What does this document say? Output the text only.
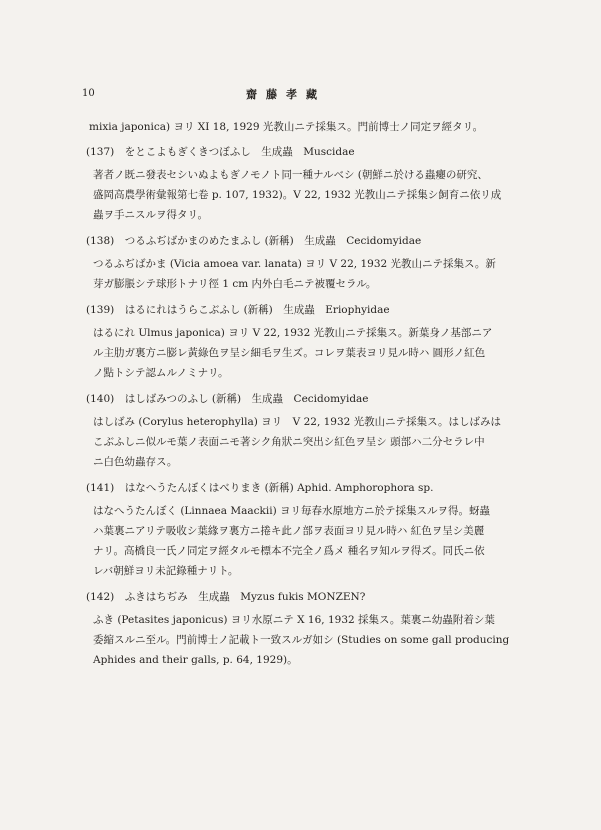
10	齋藤孝藏
mixia japonica) ヨリ XI 18, 1929 光教山ニテ採集ス。門前博士ノ同定ヲ經タリ。
(137)　をとこよもぎくきつぼふし　生成蟲　Muscidae
著者ノ既ニ發表セシいぬよもぎノモノト同一種ナルベシ (朝鮮ニ於ける蟲癭の研究、
盛岡高農學術彙報第七卷 p. 107, 1932)。V 22, 1932 光教山ニテ採集シ飼育ニ依リ成
蟲ヲ手ニスルヲ得タリ。
(138)　つるふぢばかまのめたまふし (新稱)　生成蟲　Cecidomyidae
つるふぢばかま (Vicia amoea var. lanata) ヨリ V 22, 1932 光教山ニテ採集ス。新
芽ガ膨脹シテ球形トナリ徑 1 cm 内外白毛ニテ被覆セラル。
(139)　はるにれはうらこぶふし (新稱)　生成蟲　Eriophyidae
はるにれ Ulmus japonica) ヨリ V 22, 1932 光教山ニテ採集ス。新葉身ノ基部ニア
ル主肋ガ裏方ニ膨レ黃綠色ヲ呈シ細毛ヲ生ズ。コレヲ葉表ヨリ見ル時ハ 圓形ノ紅色
ノ點トシテ認ムルノミナリ。
(140)　はしばみつのふし (新稱)　生成蟲　Cecidomyidae
はしばみ (Corylus heterophylla) ヨリ　V 22, 1932 光教山ニテ採集ス。はしばみは
こぶふしニ似ルモ葉ノ表面ニモ著シク角狀ニ突出シ紅色ヲ呈シ 頭部ハ二分セラレ中
ニ白色幼蟲存ス。
(141)　はなへうたんぼくはべりまき (新稱) Aphid. Amphorophora sp.
はなへうたんぼく (Linnaea Maackii) ヨリ毎春水原地方ニ於テ採集スルヲ得。蚜蟲
ハ葉裏ニアリテ吸收シ葉緣ヲ裏方ニ捲キ此ノ部ヲ表面ヨリ見ル時ハ 紅色ヲ呈シ美麗
ナリ。高橋良一氏ノ同定ヲ經タルモ標本不完全ノ爲メ 種名ヲ知ルヲ得ズ。同氏ニ依
レバ朝鮮ヨリ未記錄種ナリト。
(142)　ふきはちぢみ　生成蟲　Myzus fukis MONZEN?
ふき (Petasites japonicus) ヨリ水原ニテ X 16, 1932 採集ス。葉裏ニ幼蟲附着シ葉
委縮スルニ至ル。門前博士ノ記載ト一致スルガ如シ (Studies on some gall producing
Aphides and their galls, p. 64, 1929)。
